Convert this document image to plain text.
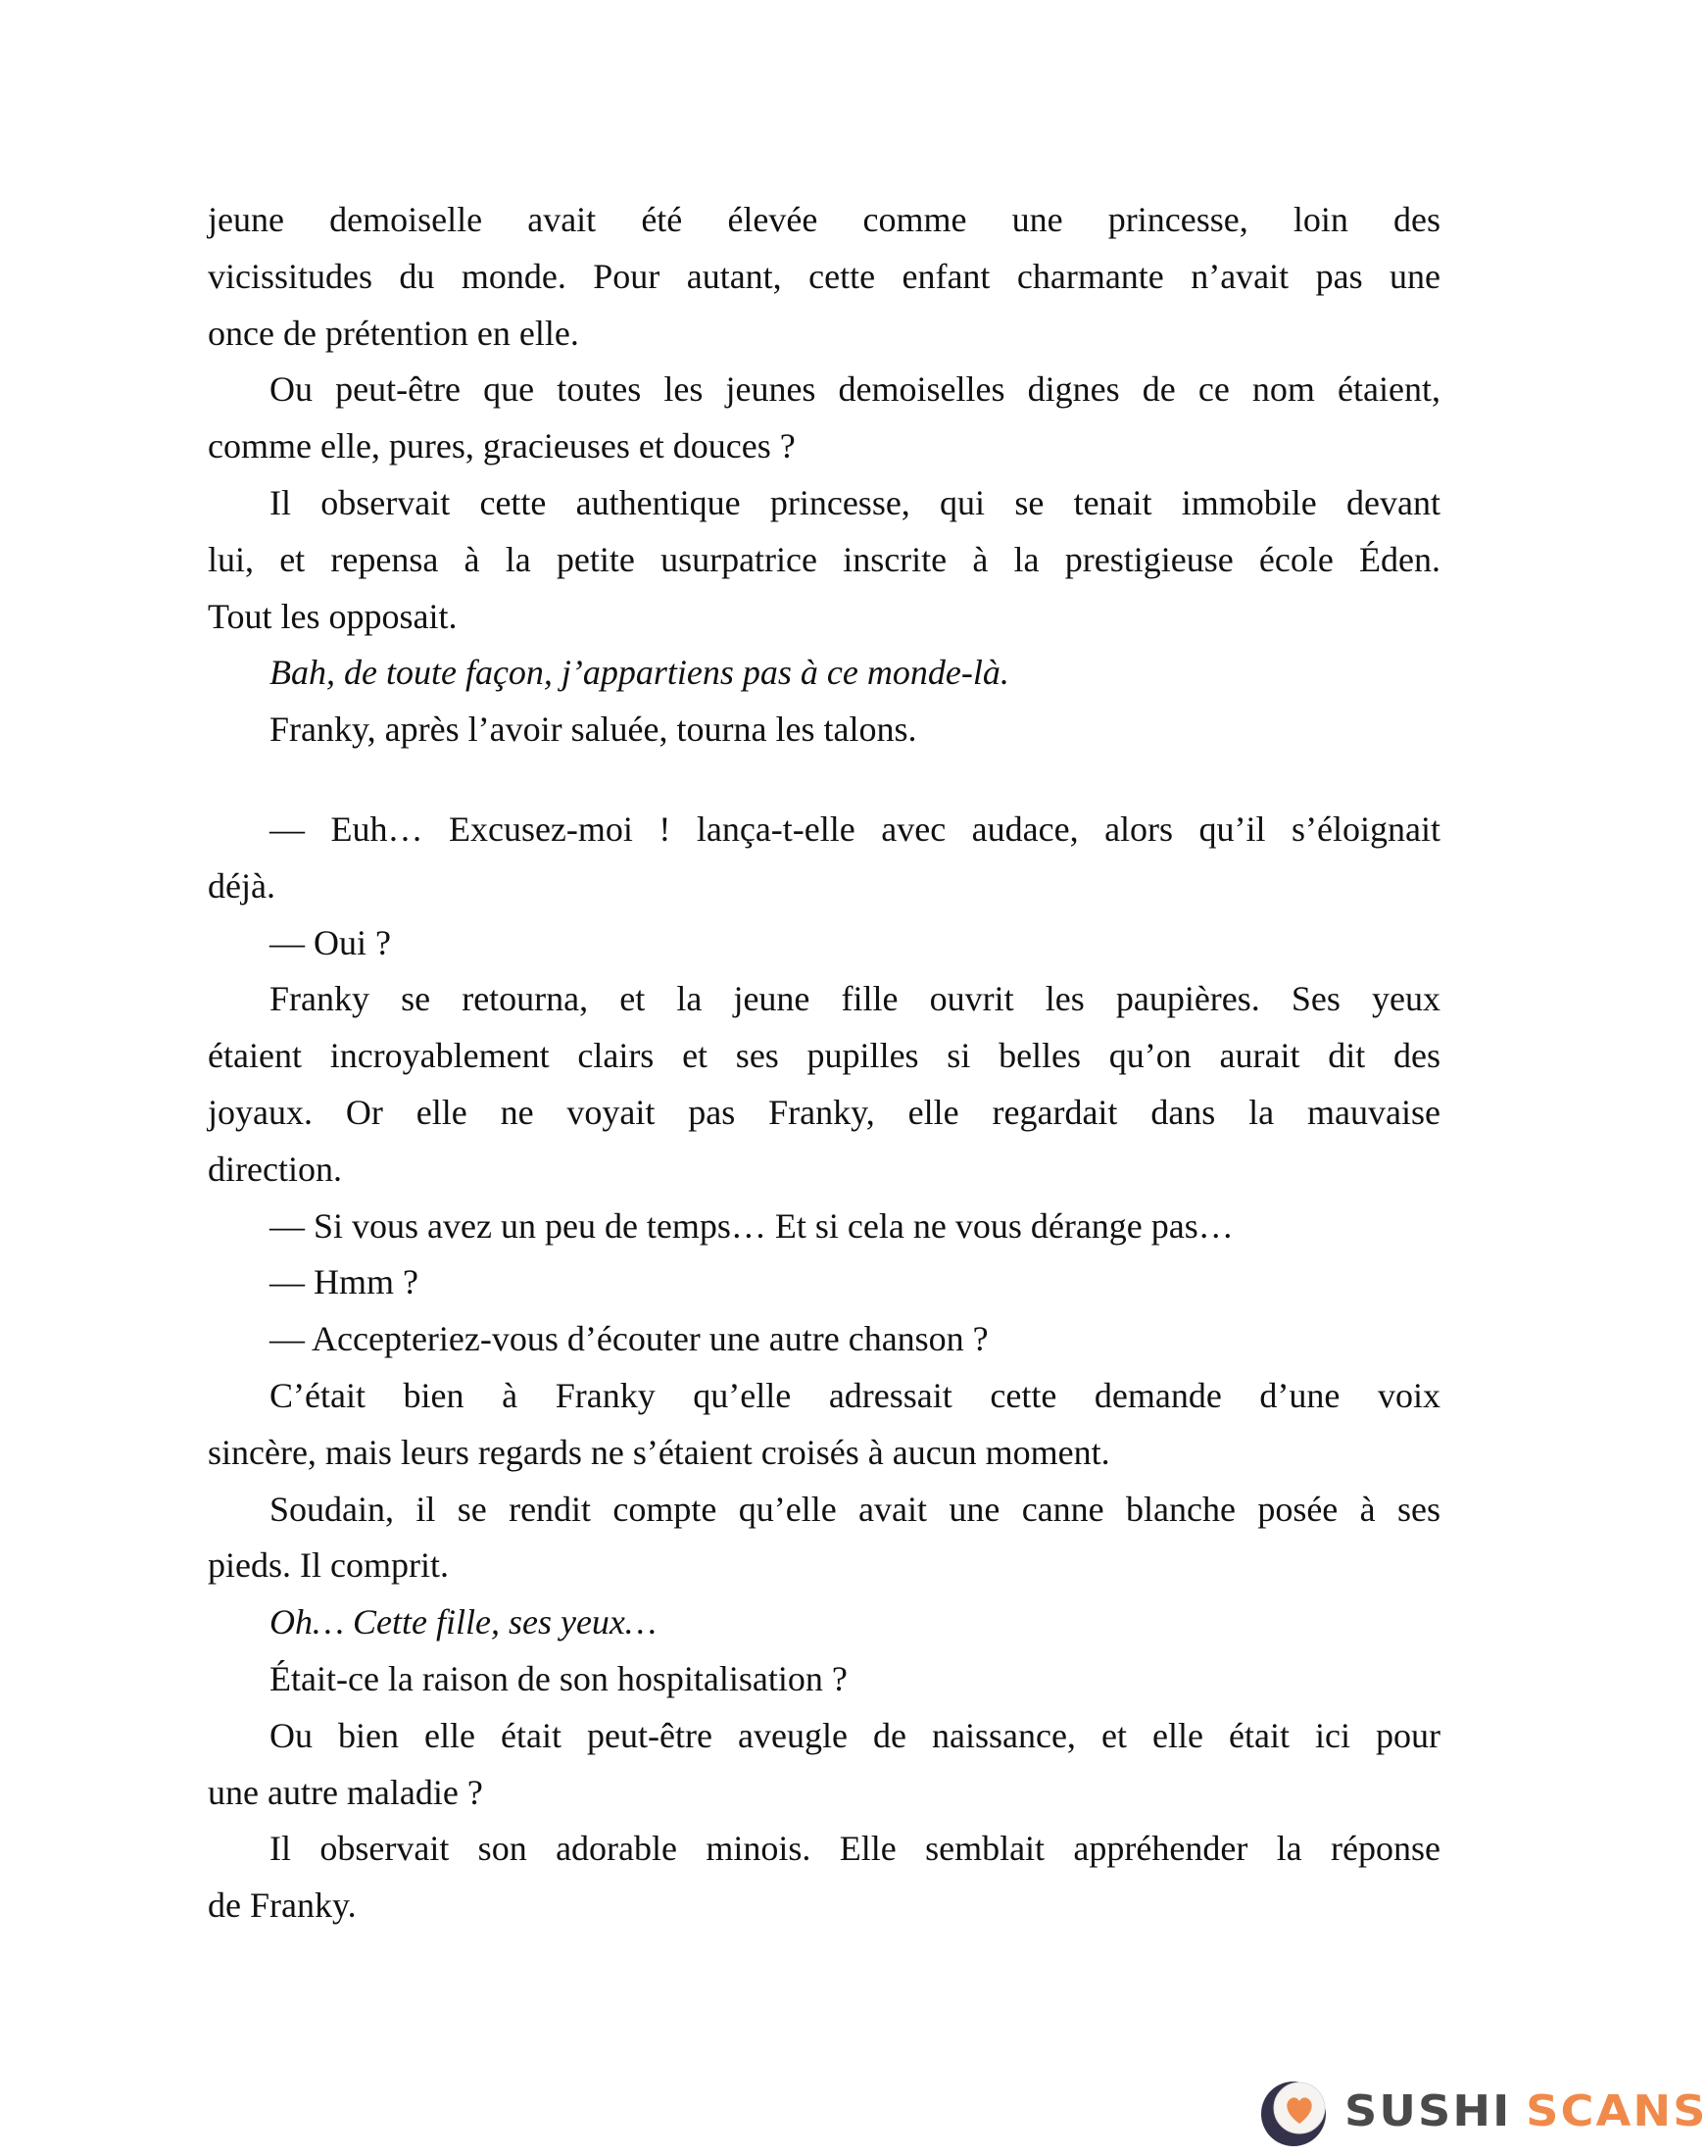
jeune demoiselle avait été élevée comme une princesse, loin des
vicissitudes du monde. Pour autant, cette enfant charmante n’avait pas une
once de prétention en elle.
Ou peut-être que toutes les jeunes demoiselles dignes de ce nom étaient,
comme elle, pures, gracieuses et douces ?
Il observait cette authentique princesse, qui se tenait immobile devant
lui, et repensa à la petite usurpatrice inscrite à la prestigieuse école Éden.
Tout les opposait.
Bah, de toute façon, j’appartiens pas à ce monde-là.
Franky, après l’avoir saluée, tourna les talons.
— Euh… Excusez-moi ! lança-t-elle avec audace, alors qu’il s’éloignait
déjà.
— Oui ?
Franky se retourna, et la jeune fille ouvrit les paupières. Ses yeux
étaient incroyablement clairs et ses pupilles si belles qu’on aurait dit des
joyaux. Or elle ne voyait pas Franky, elle regardait dans la mauvaise
direction.
— Si vous avez un peu de temps… Et si cela ne vous dérange pas…
— Hmm ?
— Accepteriez-vous d’écouter une autre chanson ?
C’était bien à Franky qu’elle adressait cette demande d’une voix
sincère, mais leurs regards ne s’étaient croisés à aucun moment.
Soudain, il se rendit compte qu’elle avait une canne blanche posée à ses
pieds. Il comprit.
Oh… Cette fille, ses yeux…
Était-ce la raison de son hospitalisation ?
Ou bien elle était peut-être aveugle de naissance, et elle était ici pour
une autre maladie ?
Il observait son adorable minois. Elle semblait appréhender la réponse
de Franky.
SUSHI SCANS
